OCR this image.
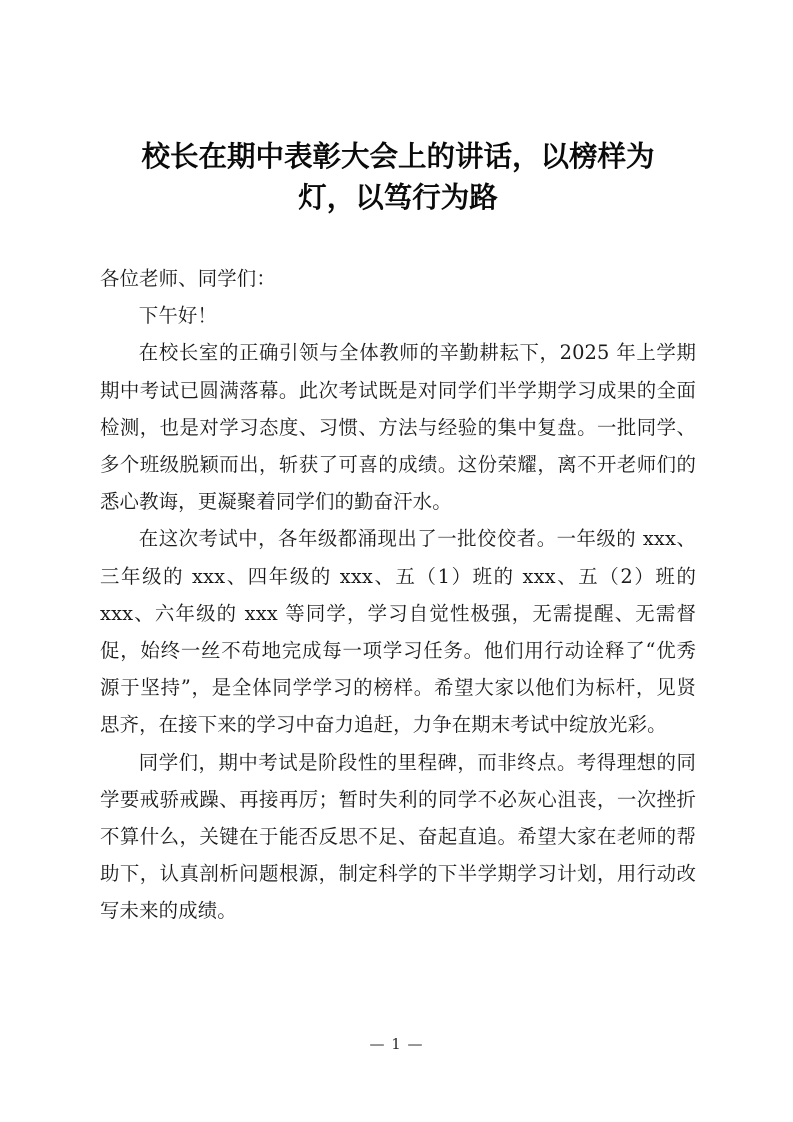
校长在期中表彰大会上的讲话，以榜样为
灯，以笃行为路

各位老师、同学们：

下午好！

在校长室的正确引领与全体教师的辛勤耕耘下，2025 年上学期期中考试已圆满落幕。此次考试既是对同学们半学期学习成果的全面检测，也是对学习态度、习惯、方法与经验的集中复盘。一批同学、多个班级脱颖而出，斩获了可喜的成绩。这份荣耀，离不开老师们的悉心教诲，更凝聚着同学们的勤奋汗水。

在这次考试中，各年级都涌现出了一批佼佼者。一年级的 xxx、三年级的 xxx、四年级的 xxx、五（1）班的 xxx、五（2）班的 xxx、六年级的 xxx 等同学，学习自觉性极强，无需提醒、无需督促，始终一丝不苟地完成每一项学习任务。他们用行动诠释了“优秀源于坚持”，是全体同学学习的榜样。希望大家以他们为标杆，见贤思齐，在接下来的学习中奋力追赶，力争在期末考试中绽放光彩。

同学们，期中考试是阶段性的里程碑，而非终点。考得理想的同学要戒骄戒躁、再接再厉；暂时失利的同学不必灰心沮丧，一次挫折不算什么，关键在于能否反思不足、奋起直追。希望大家在老师的帮助下，认真剖析问题根源，制定科学的下半学期学习计划，用行动改写未来的成绩。

— 1 —
